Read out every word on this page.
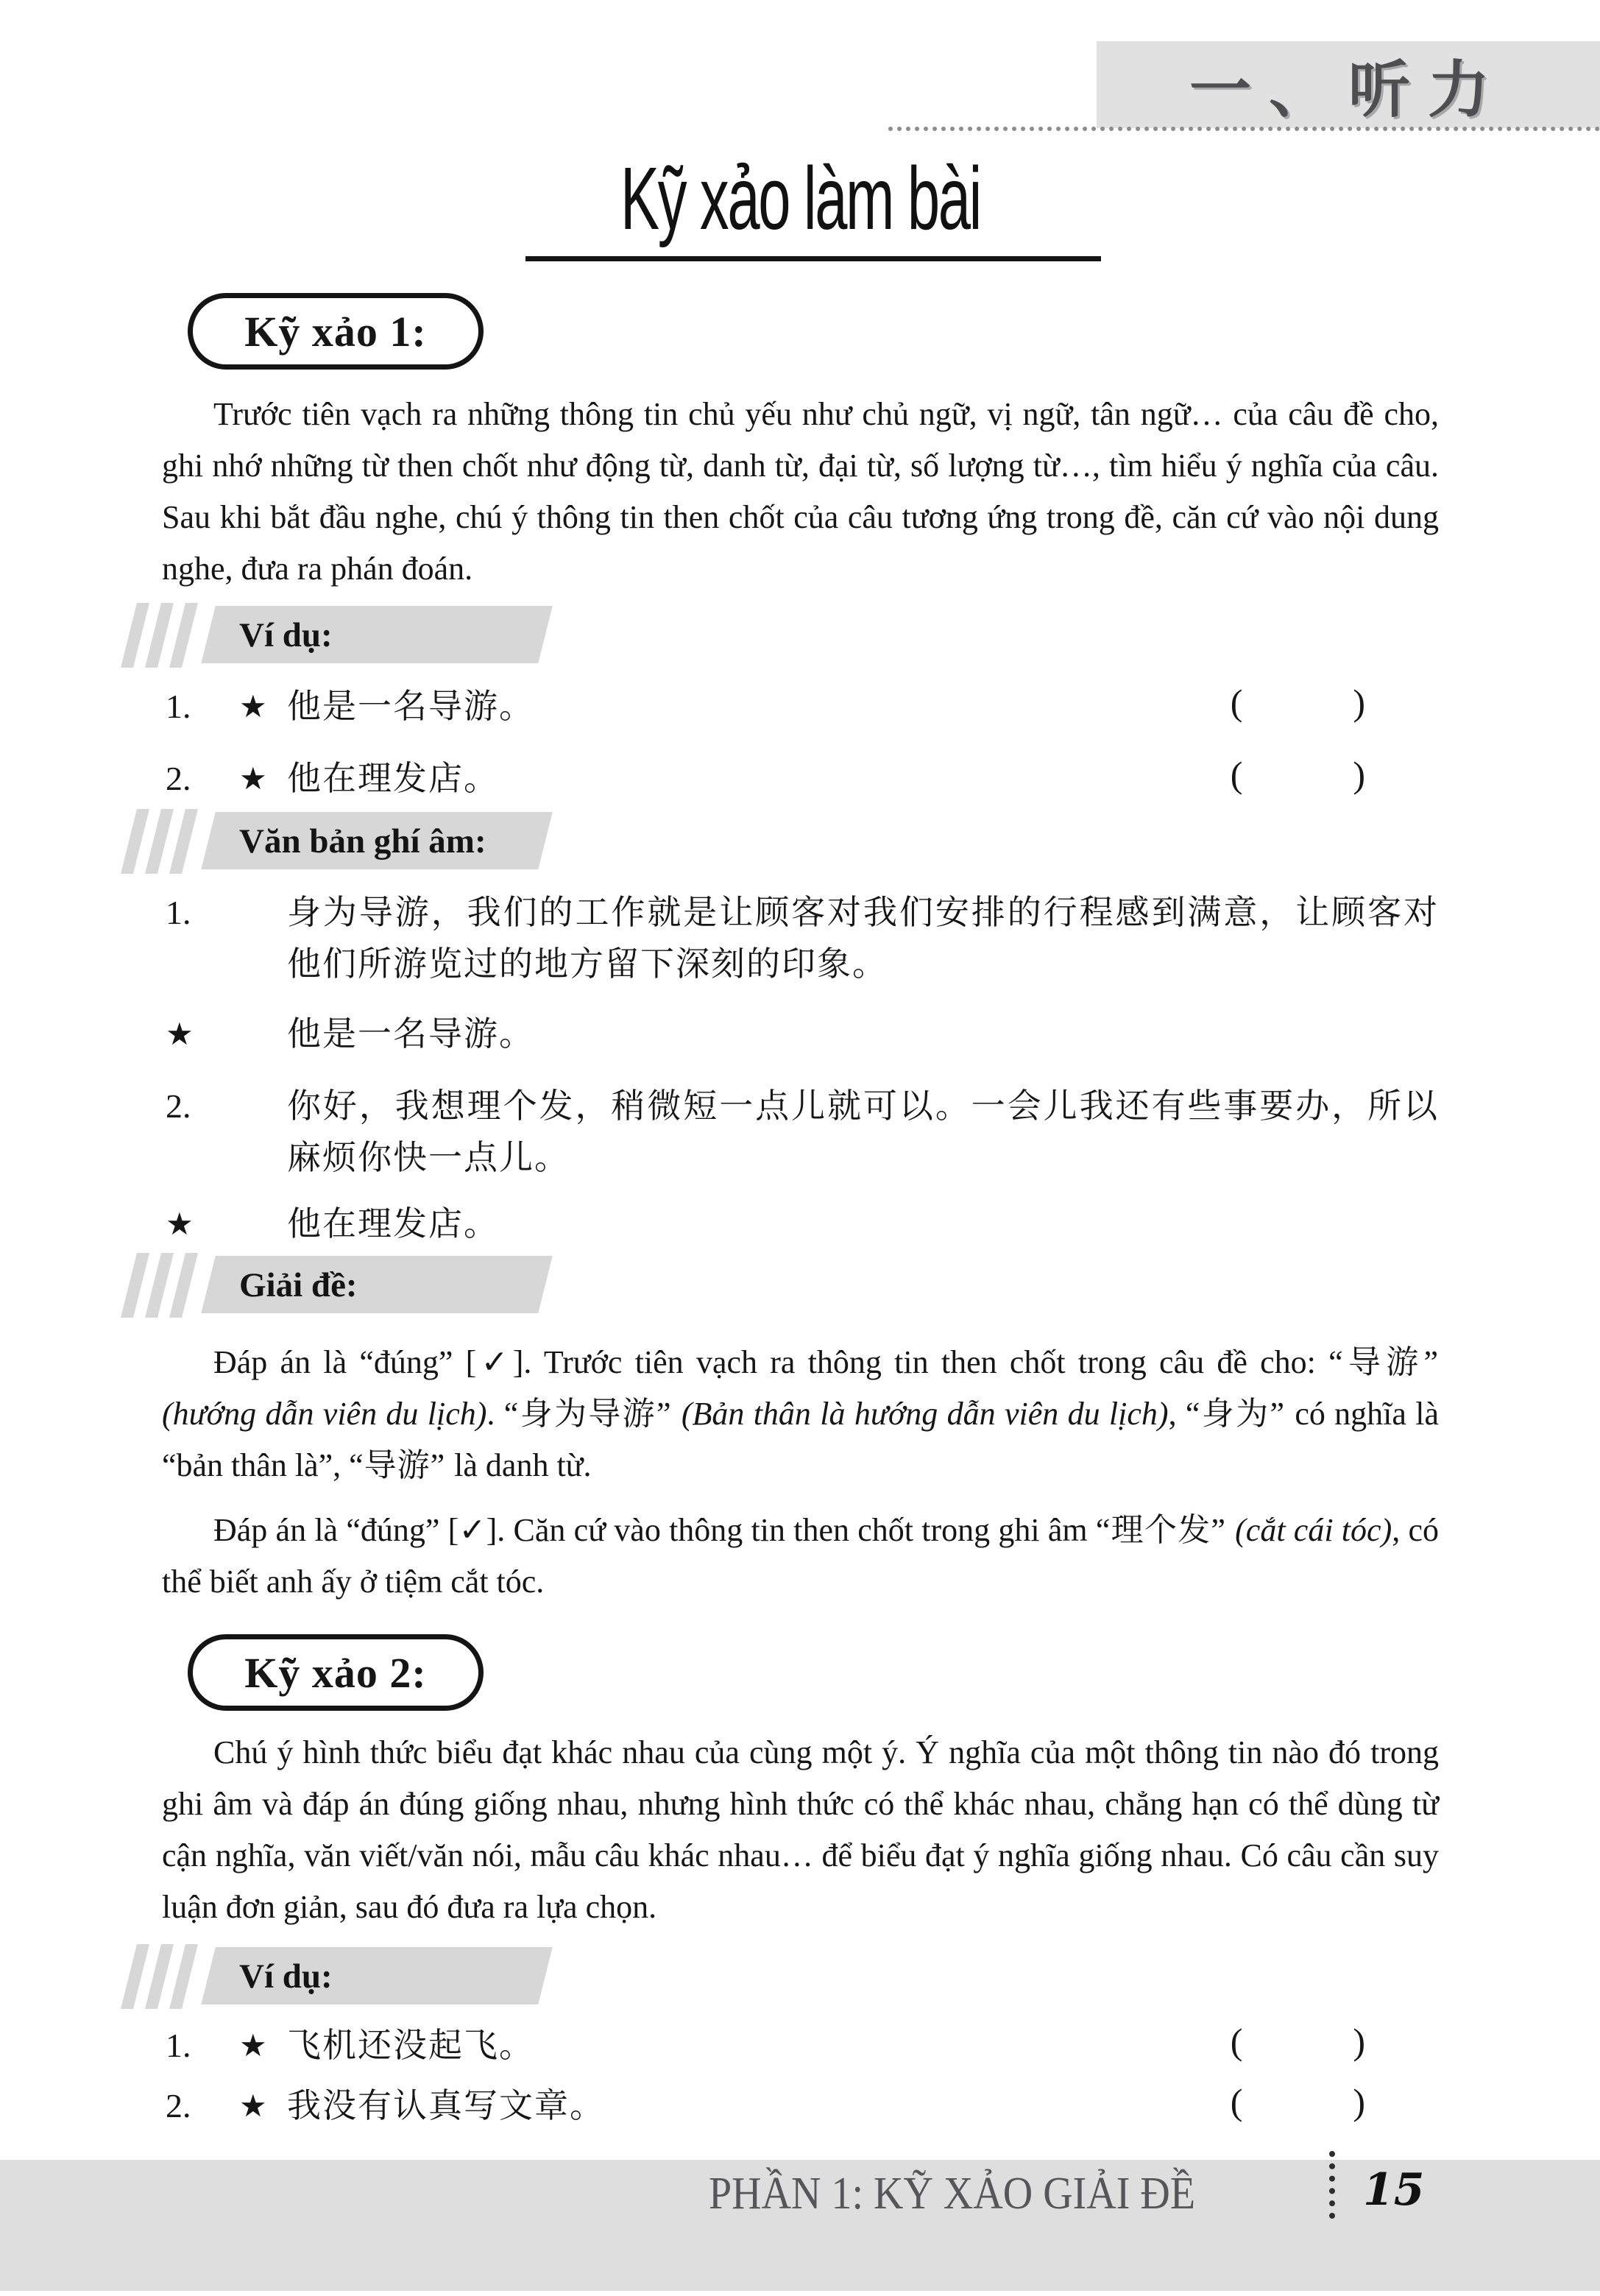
一、听力
Kỹ xảo làm bài
Kỹ xảo 1:
Trước tiên vạch ra những thông tin chủ yếu như chủ ngữ, vị ngữ, tân ngữ… của câu đề cho, ghi nhớ những từ then chốt như động từ, danh từ, đại từ, số lượng từ…, tìm hiểu ý nghĩa của câu. Sau khi bắt đầu nghe, chú ý thông tin then chốt của câu tương ứng trong đề, căn cứ vào nội dung nghe, đưa ra phán đoán.
Ví dụ:
1. ★ 他是一名导游。	(            )
2. ★ 他在理发店。	(            )
Văn bản ghí âm:
1.	身为导游，我们的工作就是让顾客对我们安排的行程感到满意，让顾客对他们所游览过的地方留下深刻的印象。
★	他是一名导游。
2.	你好，我想理个发，稍微短一点儿就可以。一会儿我还有些事要办，所以麻烦你快一点儿。
★	他在理发店。
Giải đề:
Đáp án là “đúng” [✓]. Trước tiên vạch ra thông tin then chốt trong câu đề cho: “导游” (hướng dẫn viên du lịch). “身为导游” (Bản thân là hướng dẫn viên du lịch), “身为” có nghĩa là “bản thân là”, “导游” là danh từ.
Đáp án là “đúng” [✓]. Căn cứ vào thông tin then chốt trong ghi âm “理个发” (cắt cái tóc), có thể biết anh ấy ở tiệm cắt tóc.
Kỹ xảo 2:
Chú ý hình thức biểu đạt khác nhau của cùng một ý. Ý nghĩa của một thông tin nào đó trong ghi âm và đáp án đúng giống nhau, nhưng hình thức có thể khác nhau, chẳng hạn có thể dùng từ cận nghĩa, văn viết/văn nói, mẫu câu khác nhau… để biểu đạt ý nghĩa giống nhau. Có câu cần suy luận đơn giản, sau đó đưa ra lựa chọn.
Ví dụ:
1. ★ 飞机还没起飞。	(            )
2. ★ 我没有认真写文章。	(            )
PHẦN 1: KỸ XẢO GIẢI ĐỀ	15
